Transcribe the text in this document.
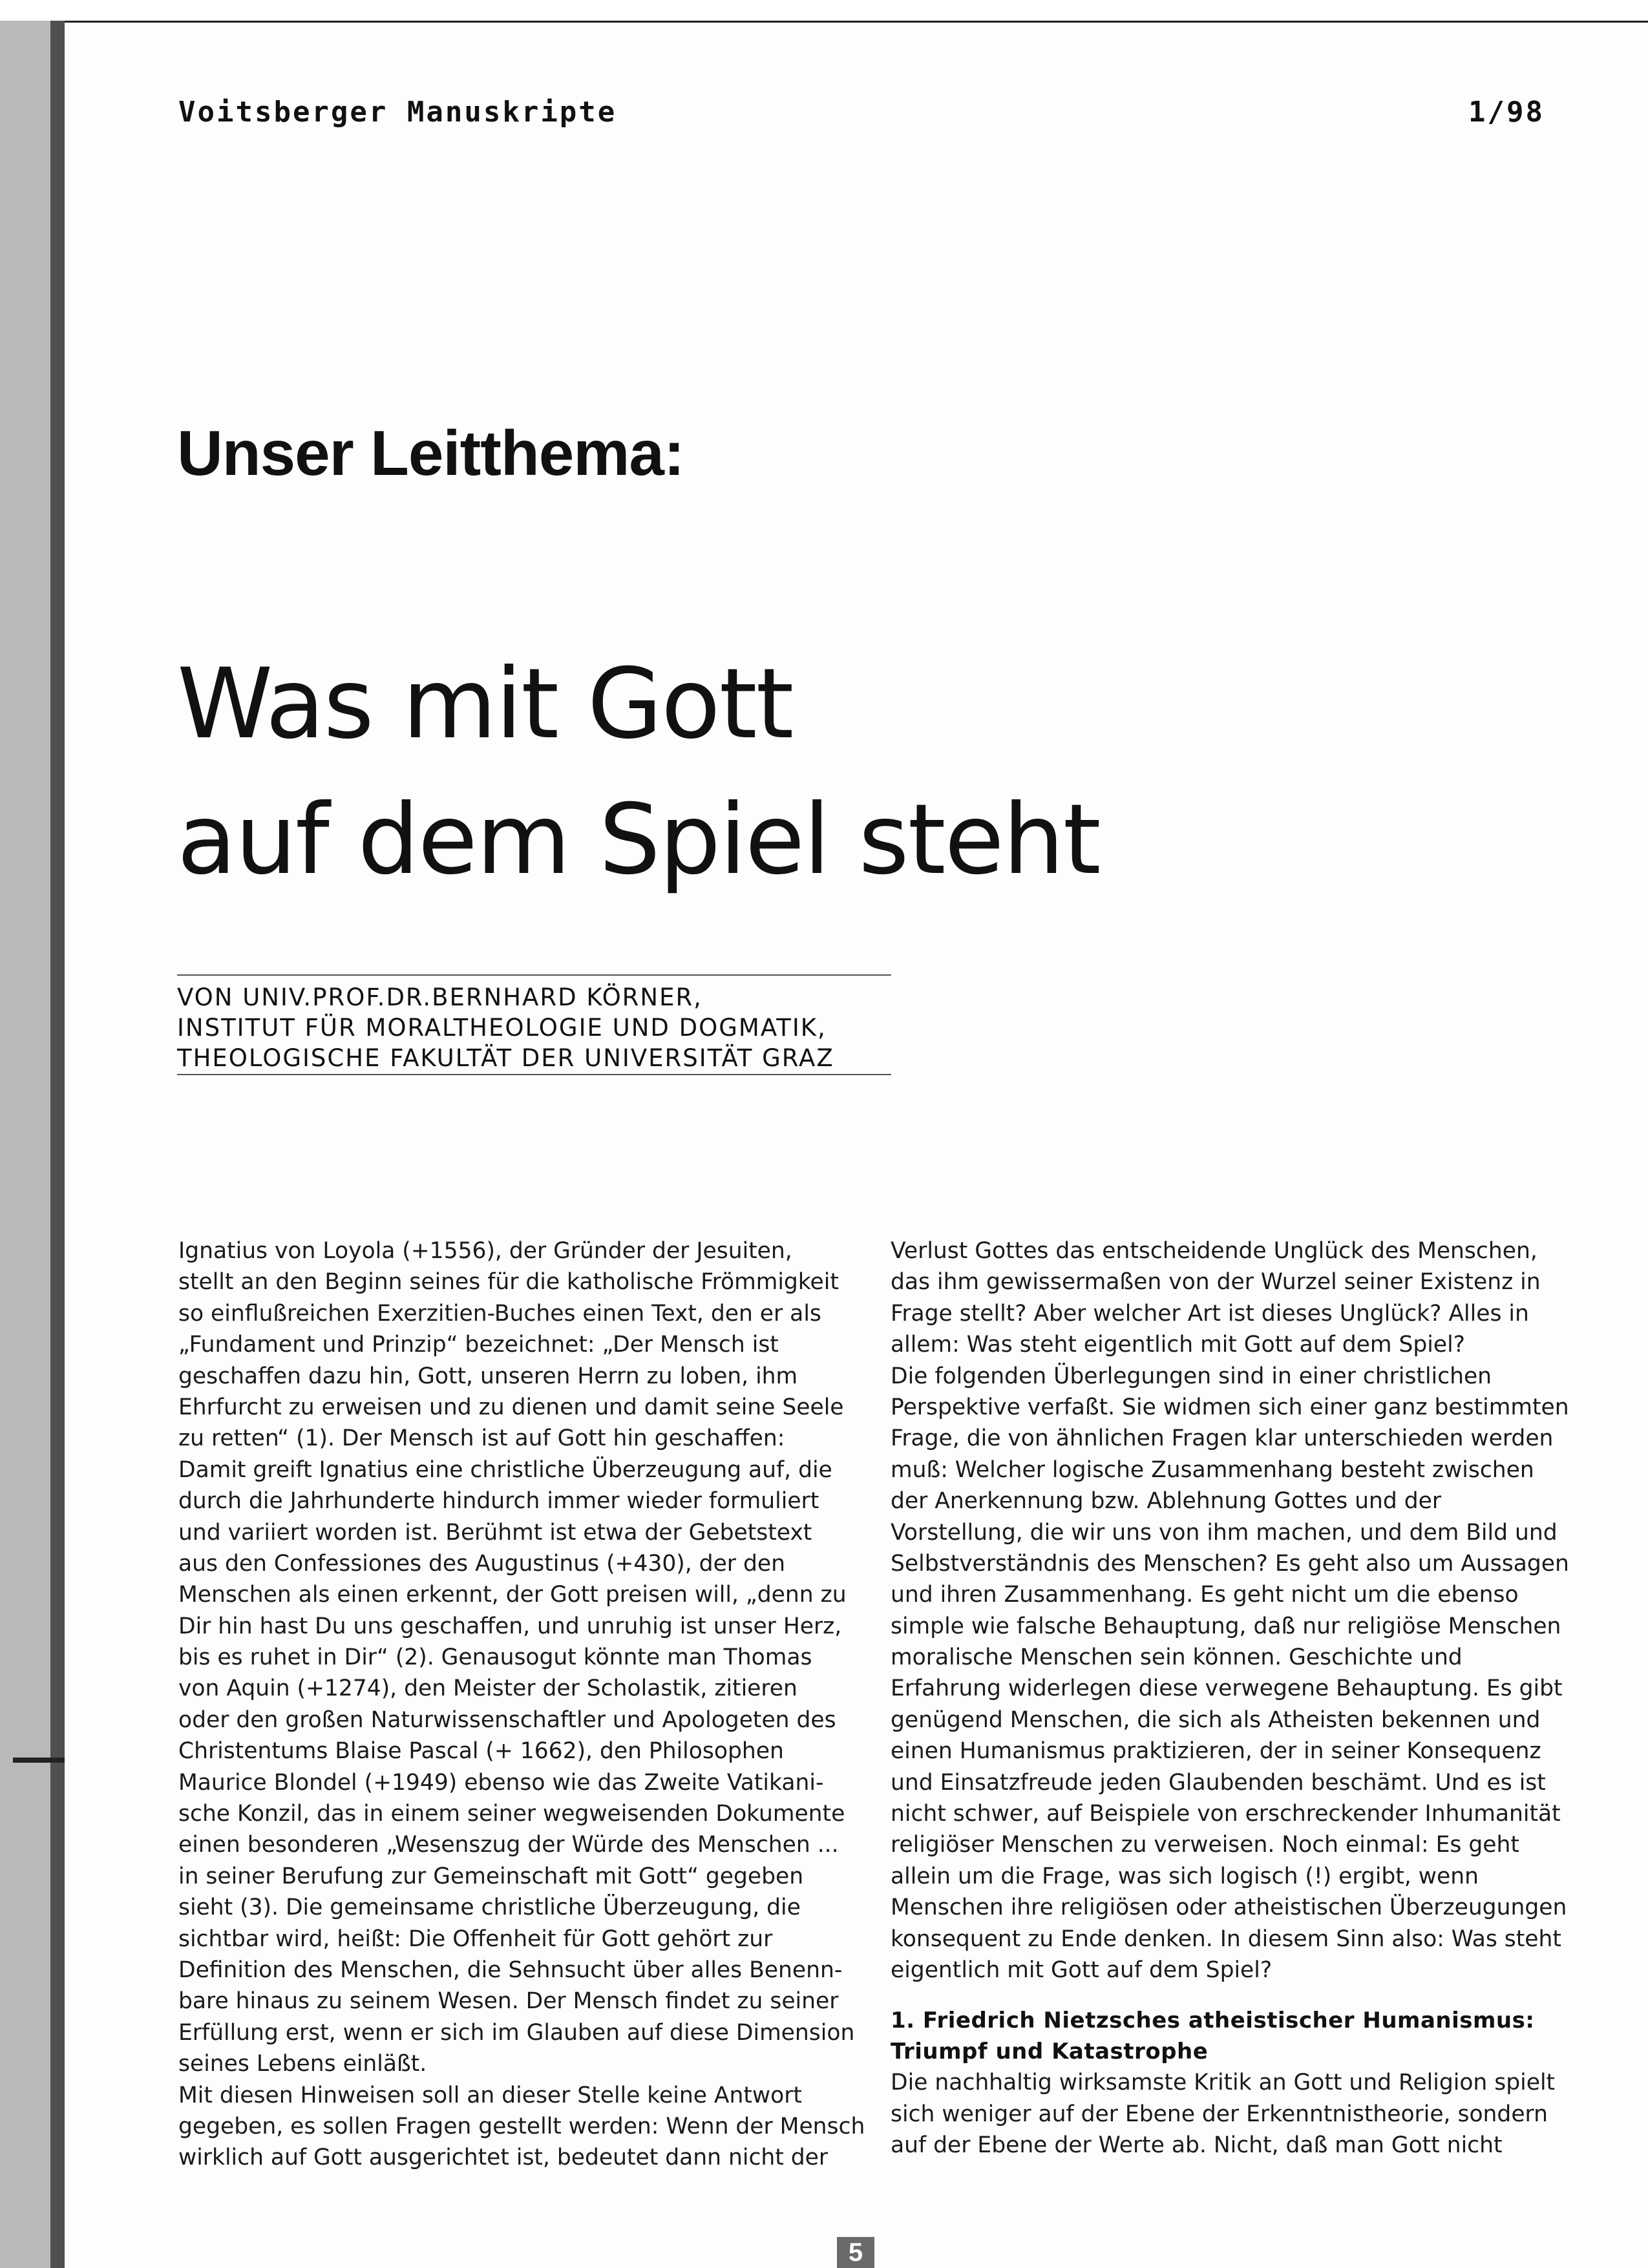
Voitsberger Manuskripte	1/98
Unser Leitthema:
Was mit Gott
auf dem Spiel steht
VON UNIV.PROF.DR.BERNHARD KÖRNER,
INSTITUT FÜR MORALTHEOLOGIE UND DOGMATIK,
THEOLOGISCHE FAKULTÄT DER UNIVERSITÄT GRAZ
Ignatius von Loyola (+1556), der Gründer der Jesuiten,
stellt an den Beginn seines für die katholische Frömmigkeit
so einflußreichen Exerzitien-Buches einen Text, den er als
„Fundament und Prinzip“ bezeichnet: „Der Mensch ist
geschaffen dazu hin, Gott, unseren Herrn zu loben, ihm
Ehrfurcht zu erweisen und zu dienen und damit seine Seele
zu retten“ (1). Der Mensch ist auf Gott hin geschaffen:
Damit greift Ignatius eine christliche Überzeugung auf, die
durch die Jahrhunderte hindurch immer wieder formuliert
und variiert worden ist. Berühmt ist etwa der Gebetstext
aus den Confessiones des Augustinus (+430), der den
Menschen als einen erkennt, der Gott preisen will, „denn zu
Dir hin hast Du uns geschaffen, und unruhig ist unser Herz,
bis es ruhet in Dir“ (2). Genausogut könnte man Thomas
von Aquin (+1274), den Meister der Scholastik, zitieren
oder den großen Naturwissenschaftler und Apologeten des
Christentums Blaise Pascal (+ 1662), den Philosophen
Maurice Blondel (+1949) ebenso wie das Zweite Vatikani-
sche Konzil, das in einem seiner wegweisenden Dokumente
einen besonderen „Wesenszug der Würde des Menschen ...
in seiner Berufung zur Gemeinschaft mit Gott“ gegeben
sieht (3). Die gemeinsame christliche Überzeugung, die
sichtbar wird, heißt: Die Offenheit für Gott gehört zur
Definition des Menschen, die Sehnsucht über alles Benenn-
bare hinaus zu seinem Wesen. Der Mensch findet zu seiner
Erfüllung erst, wenn er sich im Glauben auf diese Dimension
seines Lebens einläßt.
Mit diesen Hinweisen soll an dieser Stelle keine Antwort
gegeben, es sollen Fragen gestellt werden: Wenn der Mensch
wirklich auf Gott ausgerichtet ist, bedeutet dann nicht der
Verlust Gottes das entscheidende Unglück des Menschen,
das ihm gewissermaßen von der Wurzel seiner Existenz in
Frage stellt? Aber welcher Art ist dieses Unglück? Alles in
allem: Was steht eigentlich mit Gott auf dem Spiel?
Die folgenden Überlegungen sind in einer christlichen
Perspektive verfaßt. Sie widmen sich einer ganz bestimmten
Frage, die von ähnlichen Fragen klar unterschieden werden
muß: Welcher logische Zusammenhang besteht zwischen
der Anerkennung bzw. Ablehnung Gottes und der
Vorstellung, die wir uns von ihm machen, und dem Bild und
Selbstverständnis des Menschen? Es geht also um Aussagen
und ihren Zusammenhang. Es geht nicht um die ebenso
simple wie falsche Behauptung, daß nur religiöse Menschen
moralische Menschen sein können. Geschichte und
Erfahrung widerlegen diese verwegene Behauptung. Es gibt
genügend Menschen, die sich als Atheisten bekennen und
einen Humanismus praktizieren, der in seiner Konsequenz
und Einsatzfreude jeden Glaubenden beschämt. Und es ist
nicht schwer, auf Beispiele von erschreckender Inhumanität
religiöser Menschen zu verweisen. Noch einmal: Es geht
allein um die Frage, was sich logisch (!) ergibt, wenn
Menschen ihre religiösen oder atheistischen Überzeugungen
konsequent zu Ende denken. In diesem Sinn also: Was steht
eigentlich mit Gott auf dem Spiel?
1. Friedrich Nietzsches atheistischer Humanismus:
Triumpf und Katastrophe
Die nachhaltig wirksamste Kritik an Gott und Religion spielt
sich weniger auf der Ebene der Erkenntnistheorie, sondern
auf der Ebene der Werte ab. Nicht, daß man Gott nicht
5
